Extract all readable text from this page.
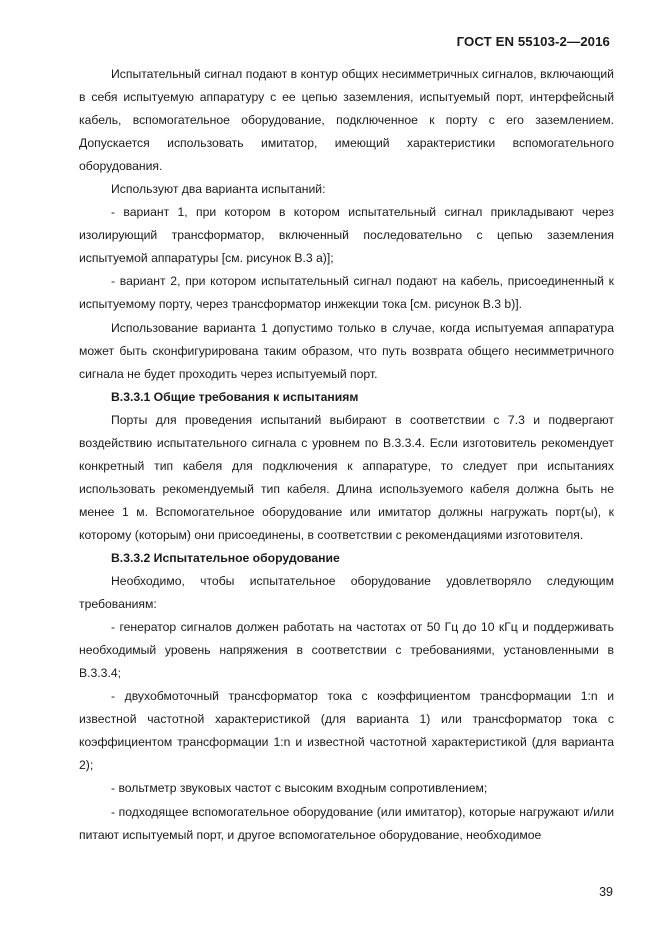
ГОСТ EN 55103-2—2016

Испытательный сигнал подают в контур общих несимметричных сигналов, включающий в себя испытуемую аппаратуру с ее цепью заземления, испытуемый порт, интерфейсный кабель, вспомогательное оборудование, подключенное к порту с его заземлением. Допускается использовать имитатор, имеющий характеристики вспомогательного оборудования.

Используют два варианта испытаний:

- вариант 1, при котором в котором испытательный сигнал прикладывают через изолирующий трансформатор, включенный последовательно с цепью заземления испытуемой аппаратуры [см. рисунок В.3 а)];

- вариант 2, при котором испытательный сигнал подают на кабель, присоединенный к испытуемому порту, через трансформатор инжекции тока [см. рисунок В.3 b)].

Использование варианта 1 допустимо только в случае, когда испытуемая аппаратура может быть сконфигурирована таким образом, что путь возврата общего несимметричного сигнала не будет проходить через испытуемый порт.

В.3.3.1 Общие требования к испытаниям

Порты для проведения испытаний выбирают в соответствии с 7.3 и подвергают воздействию испытательного сигнала с уровнем по В.3.3.4. Если изготовитель рекомендует конкретный тип кабеля для подключения к аппаратуре, то следует при испытаниях использовать рекомендуемый тип кабеля. Длина используемого кабеля должна быть не менее 1 м. Вспомогательное оборудование или имитатор должны нагружать порт(ы), к которому (которым) они присоединены, в соответствии с рекомендациями изготовителя.

В.3.3.2 Испытательное оборудование

Необходимо, чтобы испытательное оборудование удовлетворяло следующим требованиям:

- генератор сигналов должен работать на частотах от 50 Гц до 10 кГц и поддерживать необходимый уровень напряжения в соответствии с требованиями, установленными в В.3.3.4;

- двухобмоточный трансформатор тока с коэффициентом трансформации 1:n и известной частотной характеристикой (для варианта 1) или трансформатор тока с коэффициентом трансформации 1:n и известной частотной характеристикой (для варианта 2);

- вольтметр звуковых частот с высоким входным сопротивлением;

- подходящее вспомогательное оборудование (или имитатор), которые нагружают и/или питают испытуемый порт, и другое вспомогательное оборудование, необходимое

39
